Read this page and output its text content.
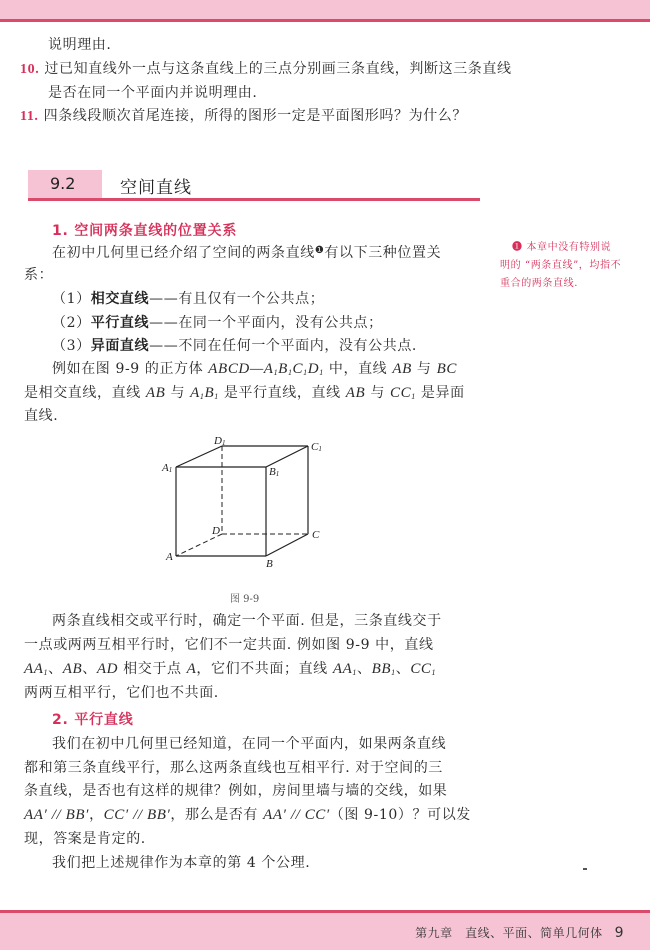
说明理由.
10. 过已知直线外一点与这条直线上的三点分别画三条直线，判断这三条直线
是否在同一个平面内并说明理由.
11. 四条线段顺次首尾连接，所得的图形一定是平面图形吗？为什么？
9.2	空间直线
1. 空间两条直线的位置关系
在初中几何里已经介绍了空间的两条直线$^❶$有以下三种位置关
系：
（1）相交直线——有且仅有一个公共点；
（2）平行直线——在同一个平面内，没有公共点；
（3）异面直线——不同在任何一个平面内，没有公共点.
例如在图 9-9 的正方体 $ABCD—A_1B_1C_1D_1$ 中，直线 AB 与 BC
是相交直线，直线 AB 与 $A_1B_1$ 是平行直线，直线 AB 与 $CC_1$ 是异面
直线.
❶ 本章中没有特别说
明的 “两条直线”，均指不
重合的两条直线.
D1	C1
A1	B1
D	C
A
B
图 9-9
两条直线相交或平行时，确定一个平面. 但是，三条直线交于
一点或两两互相平行时，它们不一定共面. 例如图 9-9 中，直线
$AA_1$、AB、AD 相交于点 A，它们不共面；直线 $AA_1$、$BB_1$、$CC_1$
两两互相平行，它们也不共面.
2. 平行直线
我们在初中几何里已经知道，在同一个平面内，如果两条直线
都和第三条直线平行，那么这两条直线也互相平行. 对于空间的三
条直线，是否也有这样的规律？例如，房间里墙与墙的交线，如果
AA′ // BB′，CC′ // BB′，那么是否有 AA′ // CC′（图 9-10）？可以发
现，答案是肯定的.
我们把上述规律作为本章的第 4 个公理.
第九章　直线、平面、简单几何体 9
